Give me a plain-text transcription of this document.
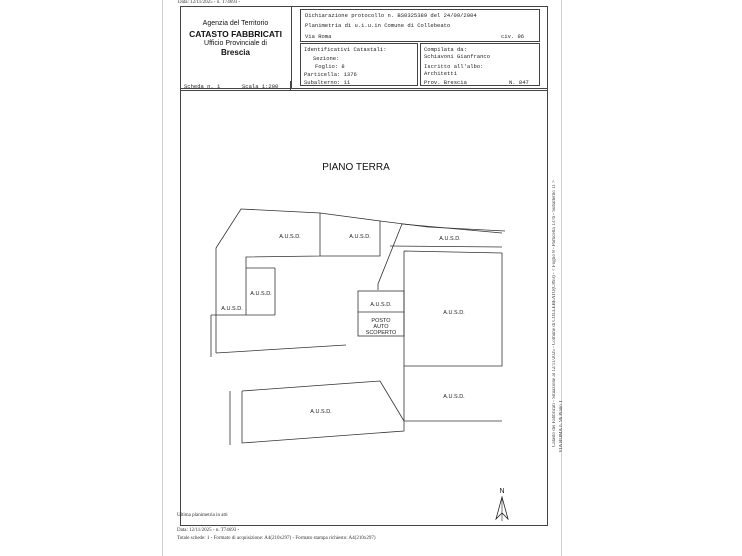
Data: 12/11/2025 - n. T74693 -
Agenzia del Territorio
CATASTO FABBRICATI
Ufficio Provinciale di
Brescia
Dichiarazione protocollo n. BS0325389 del 24/09/2004
Planimetria di u.i.u.in Comune di Collebeato
Via Roma	civ. 96
Identificativi Catastali:
Sezione:
Foglio: 8
Particella: 1376
Subalterno: 11
Compilata da:
Schiavoni Gianfranco
Iscritto all'albo:
Architetti
Prov. Brescia	N. 847
Scheda n. 1	Scala 1:200
PIANO TERRA
A.U.S.D.	A.U.S.D.	A.U.S.D.
A.U.S.D.
A.U.S.D.
A.U.S.D.
A.U.S.D.
A.U.S.D.
A.U.S.D.
POSTO
AUTO
SCOPERTO
N
Catasto dei Fabbricati - Situazione al 12/11/2025 - Comune di COLLEBEATO(C893) - < Foglio 8 - Particella 1376 - Subalterno 11 > VIA ROMA n. 96 Piano T
Ultima planimetria in atti
Data: 12/11/2025 - n. T74693 -
Totale schede: 1 - Formato di acquisizione: A4(210x297) - Formato stampa richiesto: A4(210x297)
